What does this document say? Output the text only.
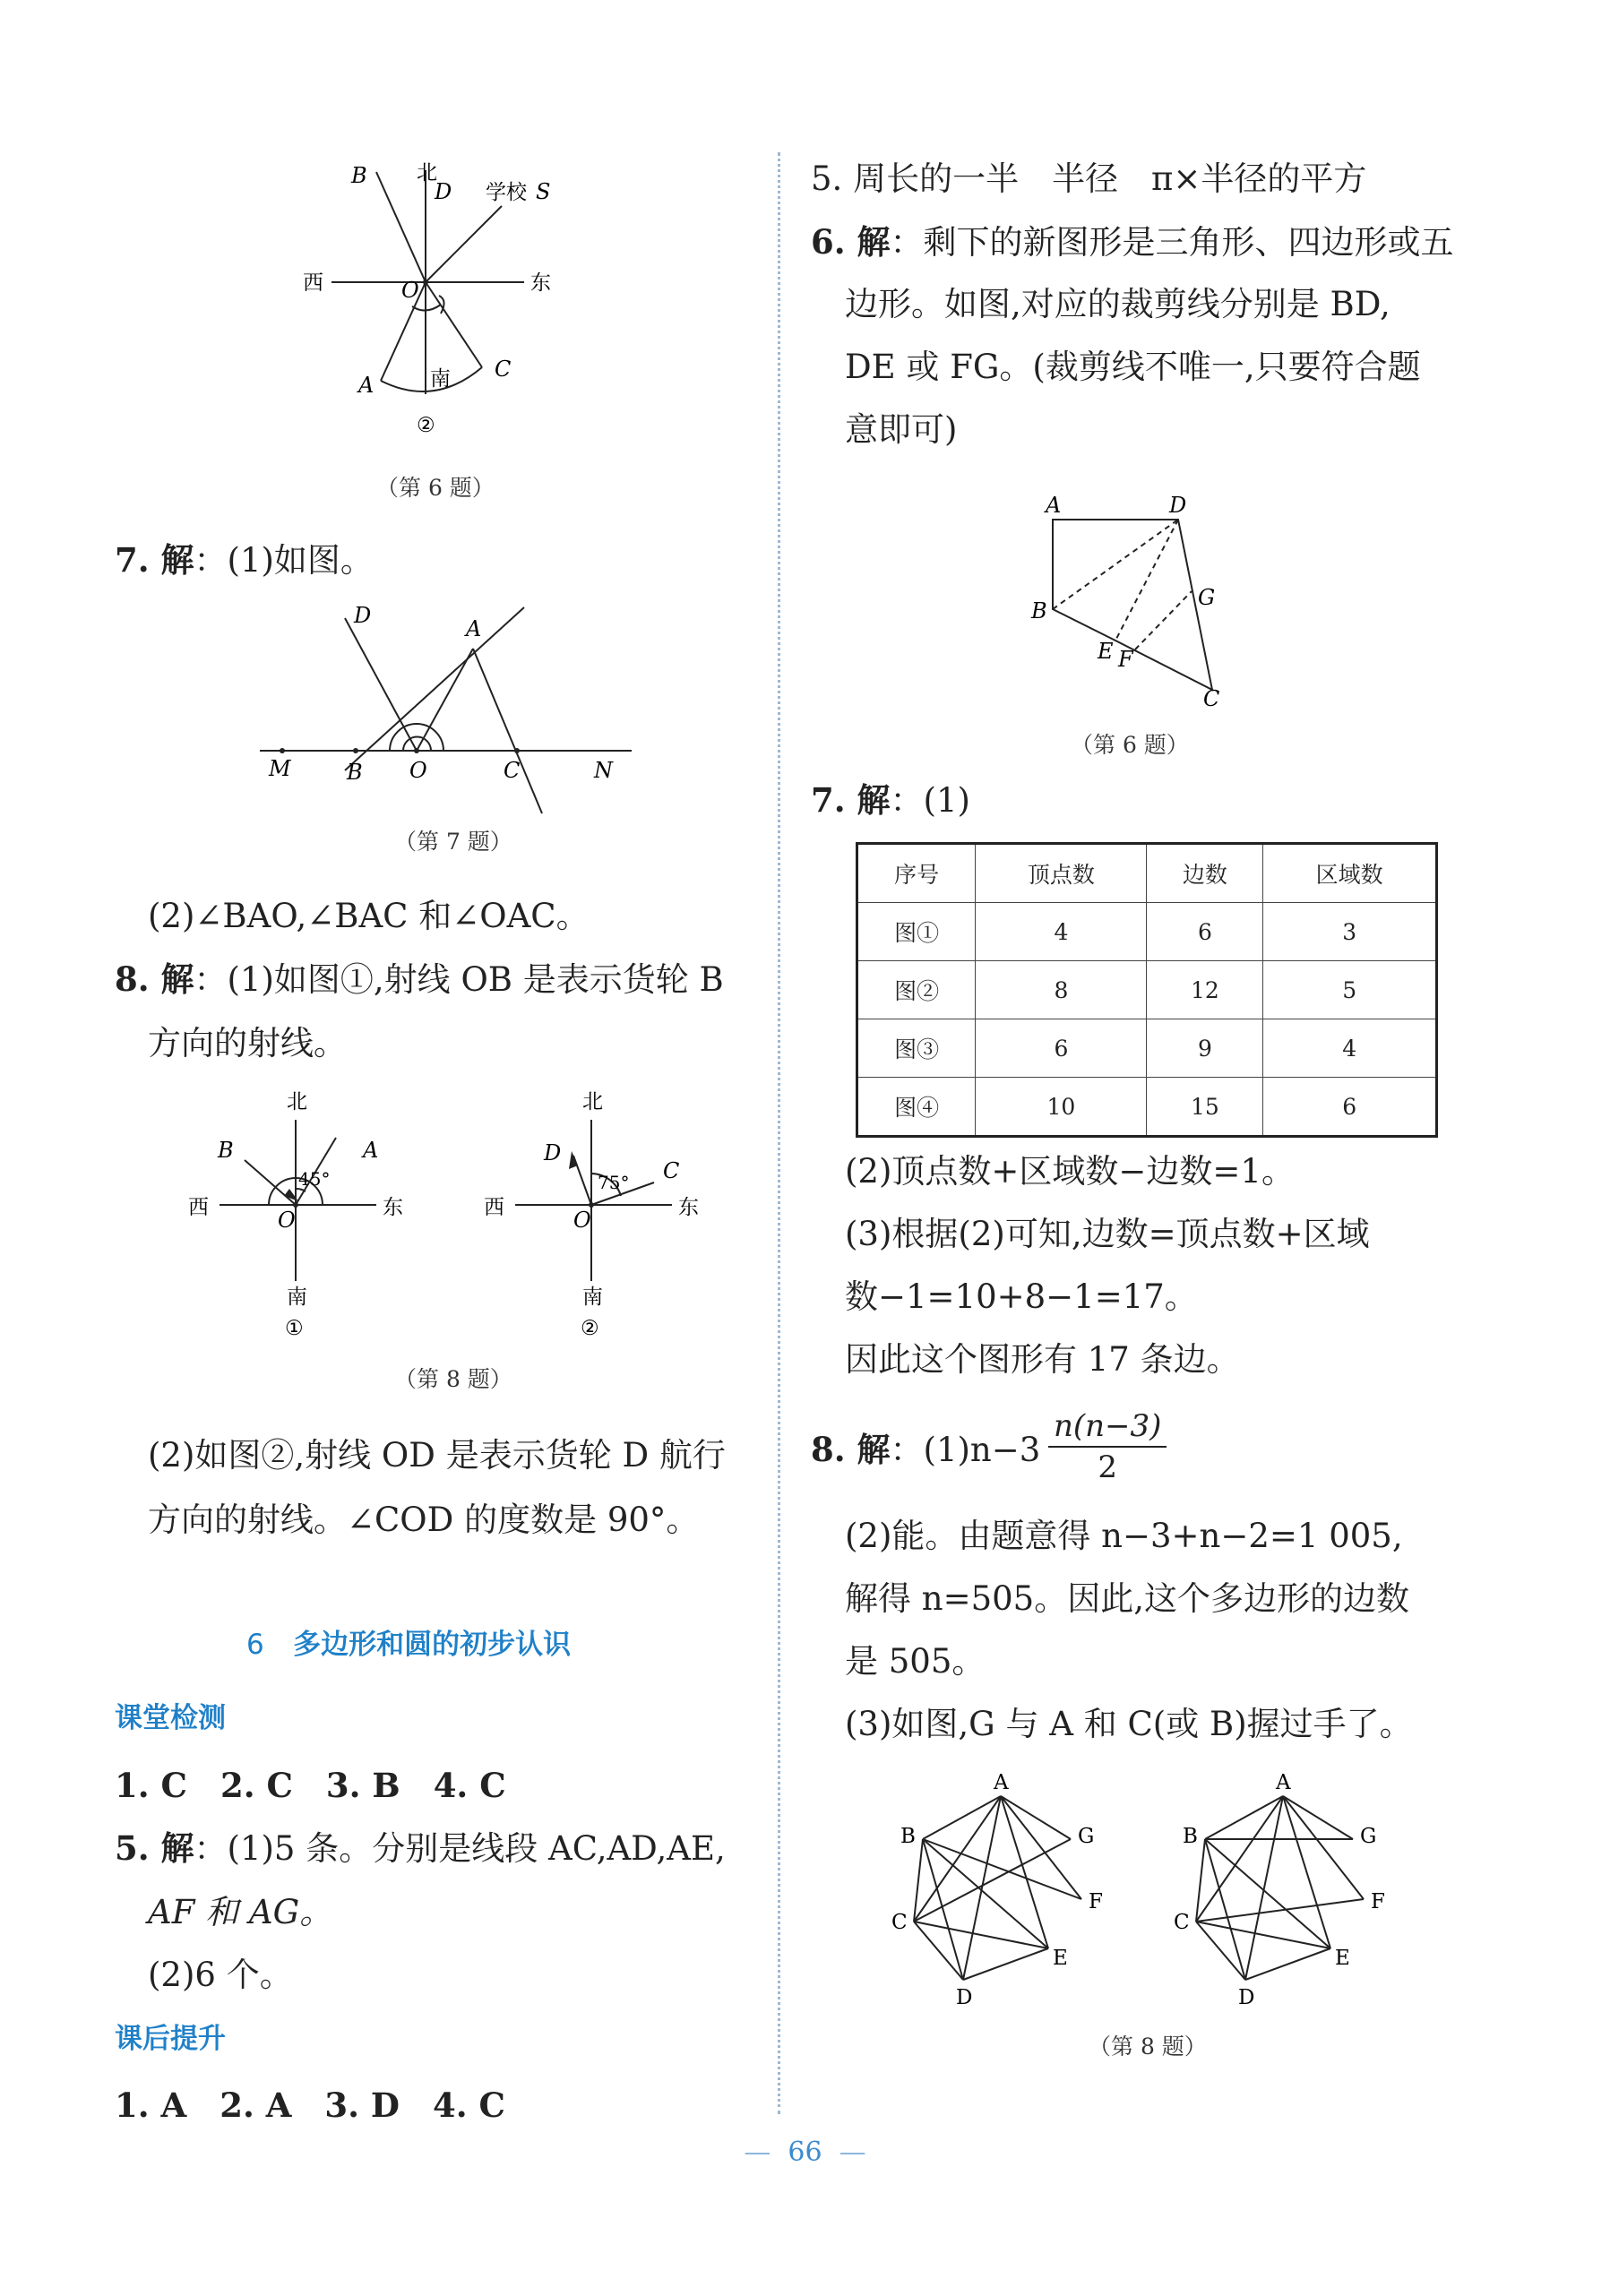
B 北
D 学校 S
西	O	东
南
A
C
②
（第 6 题）
7. 解：(1)如图。
D
A
M	B O	C	N
（第 7 题）
(2)∠BAO,∠BAC 和∠OAC。
8. 解：(1)如图①,射线 OB 是表示货轮 B
方向的射线。
北
B	A
45°
西	O	东
南
①
北
D
C
75°
西	O	东
南
②
（第 8 题）
(2)如图②,射线 OD 是表示货轮 D 航行
方向的射线。∠COD 的度数是 90°。
6 多边形和圆的初步认识
课堂检测
1. C　2. C　3. B　4. C
5. 解：(1)5 条。分别是线段 AC,AD,AE,
AF 和 AG。
(2)6 个。
课后提升
1. A　2. A　3. D　4. C
5. 周长的一半　半径　π×半径的平方
6. 解：剩下的新图形是三角形、四边形或五
边形。如图,对应的裁剪线分别是 BD,
DE 或 FG。(裁剪线不唯一,只要符合题
意即可)
A	D
B
G
E F
C
（第 6 题）
7. 解：(1)
序号	顶点数	边数	区域数
图①	4	6	3
图②	8	12	5
图③	6	9	4
图④	10	15	6
(2)顶点数+区域数−边数=1。
(3)根据(2)可知,边数=顶点数+区域
数−1=10+8−1=17。
因此这个图形有 17 条边。
8. 解：$(1)n-3 \frac{n(n-3)}{2}$
(2)能。由题意得 n−3+n−2=1 005,
解得 n=505。因此,这个多边形的边数
是 505。
(3)如图,G 与 A 和 C(或 B)握过手了。
A
B	G
F
C
E
D
A
B	G
F
C
E
D
（第 8 题）
— 66 —
